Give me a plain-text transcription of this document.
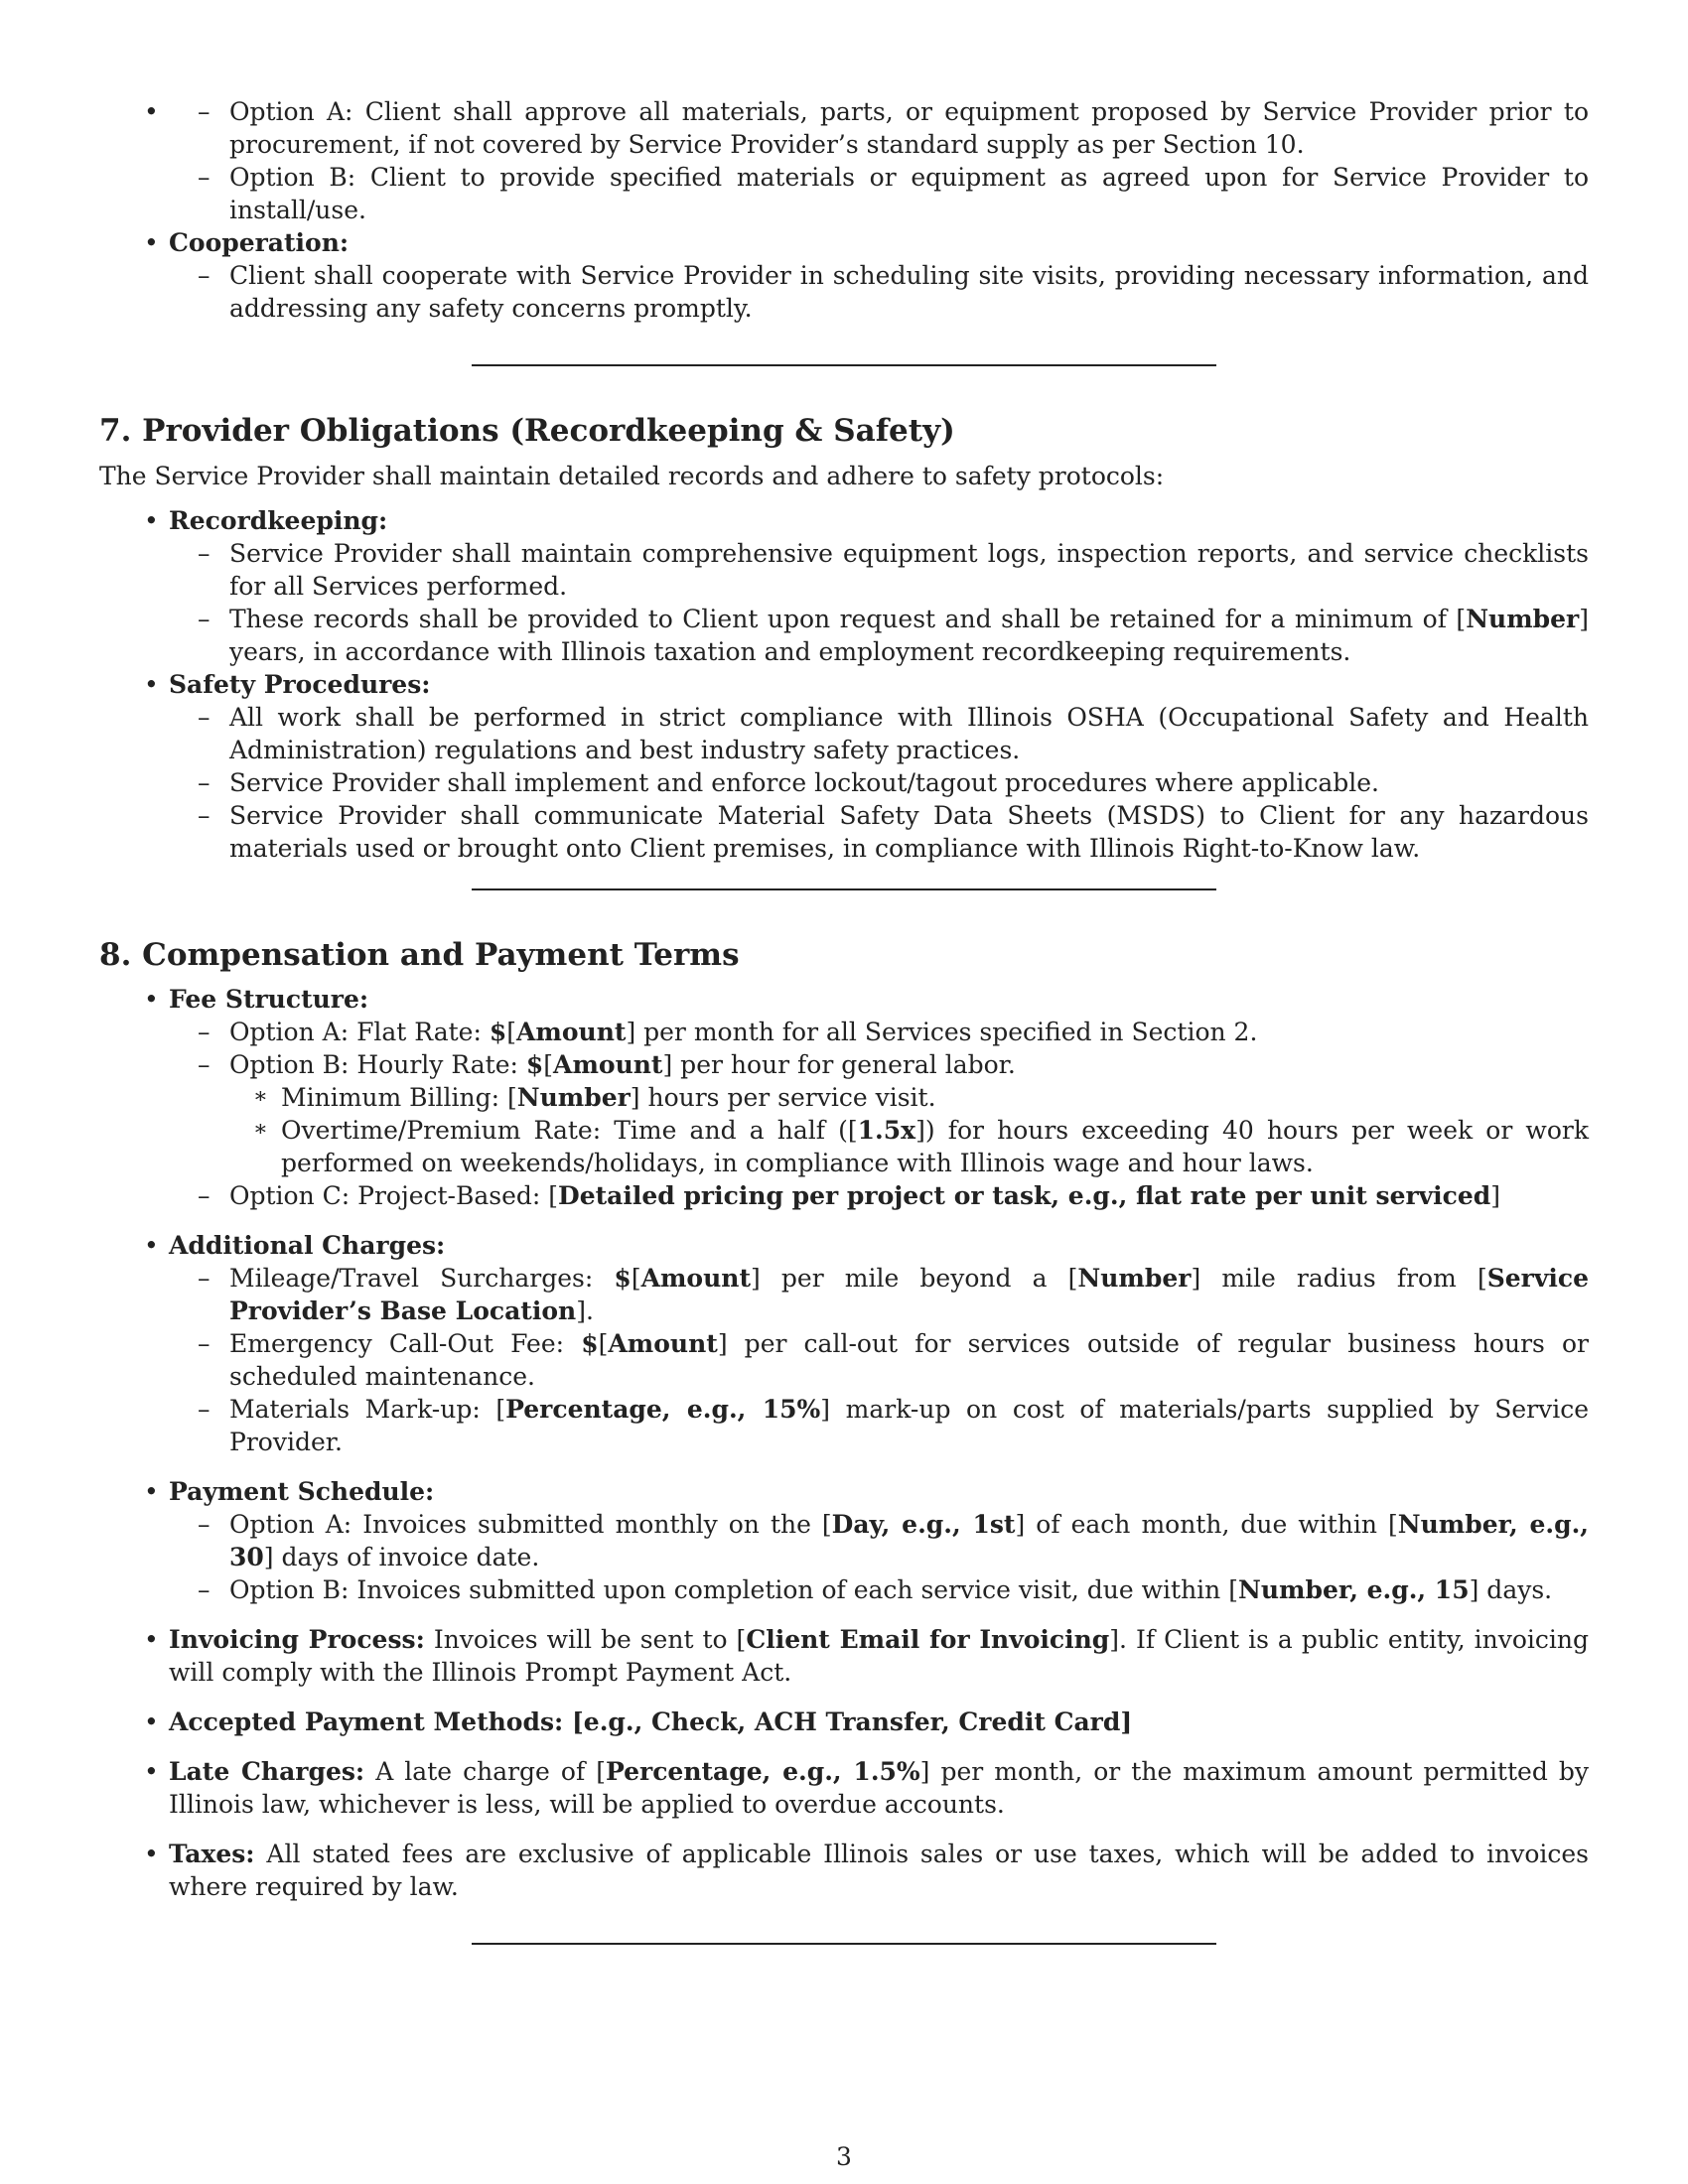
– • Option A: Client shall approve all materials, parts, or equipment proposed by Service Provider prior to procurement, if not covered by Service Provider’s standard supply as per Section 10.
– Option B: Client to provide specified materials or equipment as agreed upon for Service Provider to install/use.
• Cooperation:
– Client shall cooperate with Service Provider in scheduling site visits, providing necessary information, and addressing any safety concerns promptly.
7. Provider Obligations (Recordkeeping & Safety)

The Service Provider shall maintain detailed records and adhere to safety protocols:

• Recordkeeping:
– Service Provider shall maintain comprehensive equipment logs, inspection reports, and service checklists for all Services performed.
– These records shall be provided to Client upon request and shall be retained for a minimum of [Number] years, in accordance with Illinois taxation and employment recordkeeping requirements.
• Safety Procedures:
– All work shall be performed in strict compliance with Illinois OSHA (Occupational Safety and Health Administration) regulations and best industry safety practices.
– Service Provider shall implement and enforce lockout/tagout procedures where applicable.
– Service Provider shall communicate Material Safety Data Sheets (MSDS) to Client for any hazardous materials used or brought onto Client premises, in compliance with Illinois Right-to-Know law.
8. Compensation and Payment Terms
• Fee Structure:
– Option A: Flat Rate: $[Amount] per month for all Services specified in Section 2.
– Option B: Hourly Rate: $[Amount] per hour for general labor.
∗ Minimum Billing: [Number] hours per service visit.
∗ Overtime/Premium Rate: Time and a half ([1.5x]) for hours exceeding 40 hours per week or work performed on weekends/holidays, in compliance with Illinois wage and hour laws.
– Option C: Project-Based: [Detailed pricing per project or task, e.g., flat rate per unit serviced]
• Additional Charges:
– Mileage/Travel Surcharges: $[Amount] per mile beyond a [Number] mile radius from [Service Provider’s Base Location].
– Emergency Call-Out Fee: $[Amount] per call-out for services outside of regular business hours or scheduled maintenance.
– Materials Mark-up: [Percentage, e.g., 15%] mark-up on cost of materials/parts supplied by Service Provider.
• Payment Schedule:
– Option A: Invoices submitted monthly on the [Day, e.g., 1st] of each month, due within [Number, e.g., 30] days of invoice date.
– Option B: Invoices submitted upon completion of each service visit, due within [Number, e.g., 15] days.
• Invoicing Process: Invoices will be sent to [Client Email for Invoicing]. If Client is a public entity, invoicing will comply with the Illinois Prompt Payment Act.
• Accepted Payment Methods: [e.g., Check, ACH Transfer, Credit Card]
• Late Charges: A late charge of [Percentage, e.g., 1.5%] per month, or the maximum amount permitted by Illinois law, whichever is less, will be applied to overdue accounts.
• Taxes: All stated fees are exclusive of applicable Illinois sales or use taxes, which will be added to invoices where required by law.
3
